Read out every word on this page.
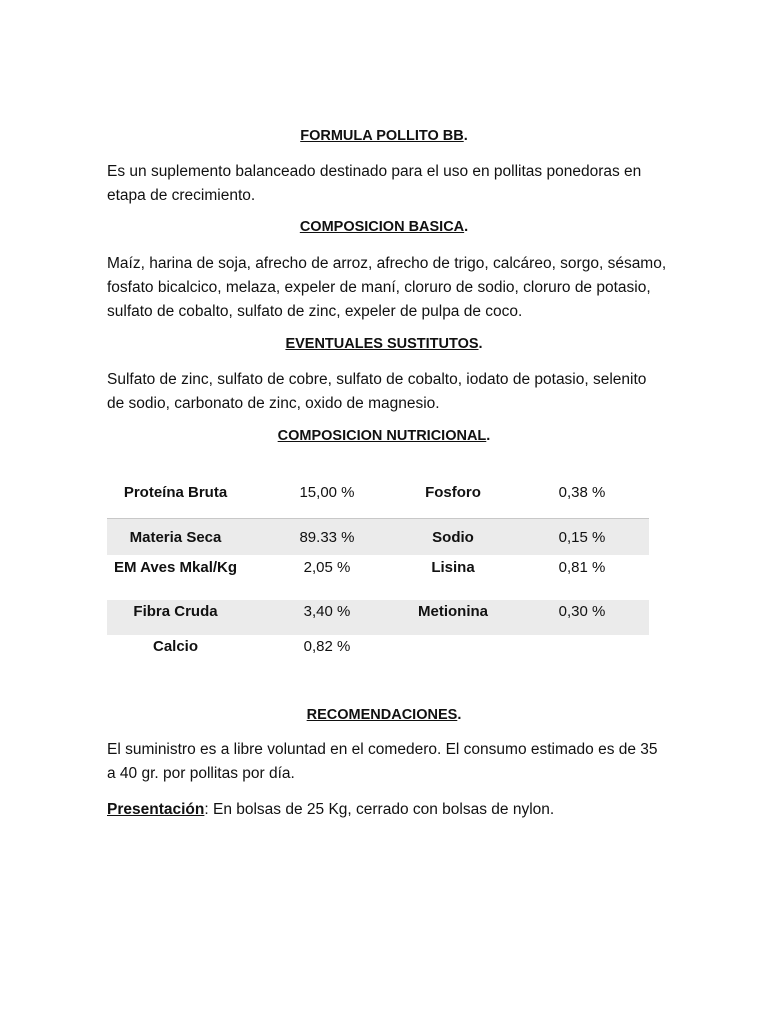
FORMULA POLLITO BB.
Es un suplemento balanceado destinado para el uso en pollitas ponedoras en etapa de crecimiento.
COMPOSICION BASICA.
Maíz, harina de soja, afrecho de arroz, afrecho de trigo, calcáreo, sorgo, sésamo, fosfato bicalcico, melaza, expeler de maní, cloruro de sodio, cloruro de potasio, sulfato de cobalto, sulfato de zinc, expeler de pulpa de coco.
EVENTUALES SUSTITUTOS.
Sulfato de zinc, sulfato de cobre, sulfato de cobalto, iodato de potasio, selenito de sodio, carbonato de zinc, oxido de magnesio.
COMPOSICION NUTRICIONAL.
Proteína Bruta	15,00 %	Fosforo	0,38 %
Materia Seca	89.33 %	Sodio	0,15 %
EM Aves Mkal/Kg	2,05 %	Lisina	0,81 %
Fibra Cruda	3,40 %	Metionina	0,30 %
Calcio	0,82 %
RECOMENDACIONES.
El suministro es a libre voluntad en el comedero. El consumo estimado es de 35 a 40 gr. por pollitas por día.
Presentación: En bolsas de 25 Kg, cerrado con bolsas de nylon.
